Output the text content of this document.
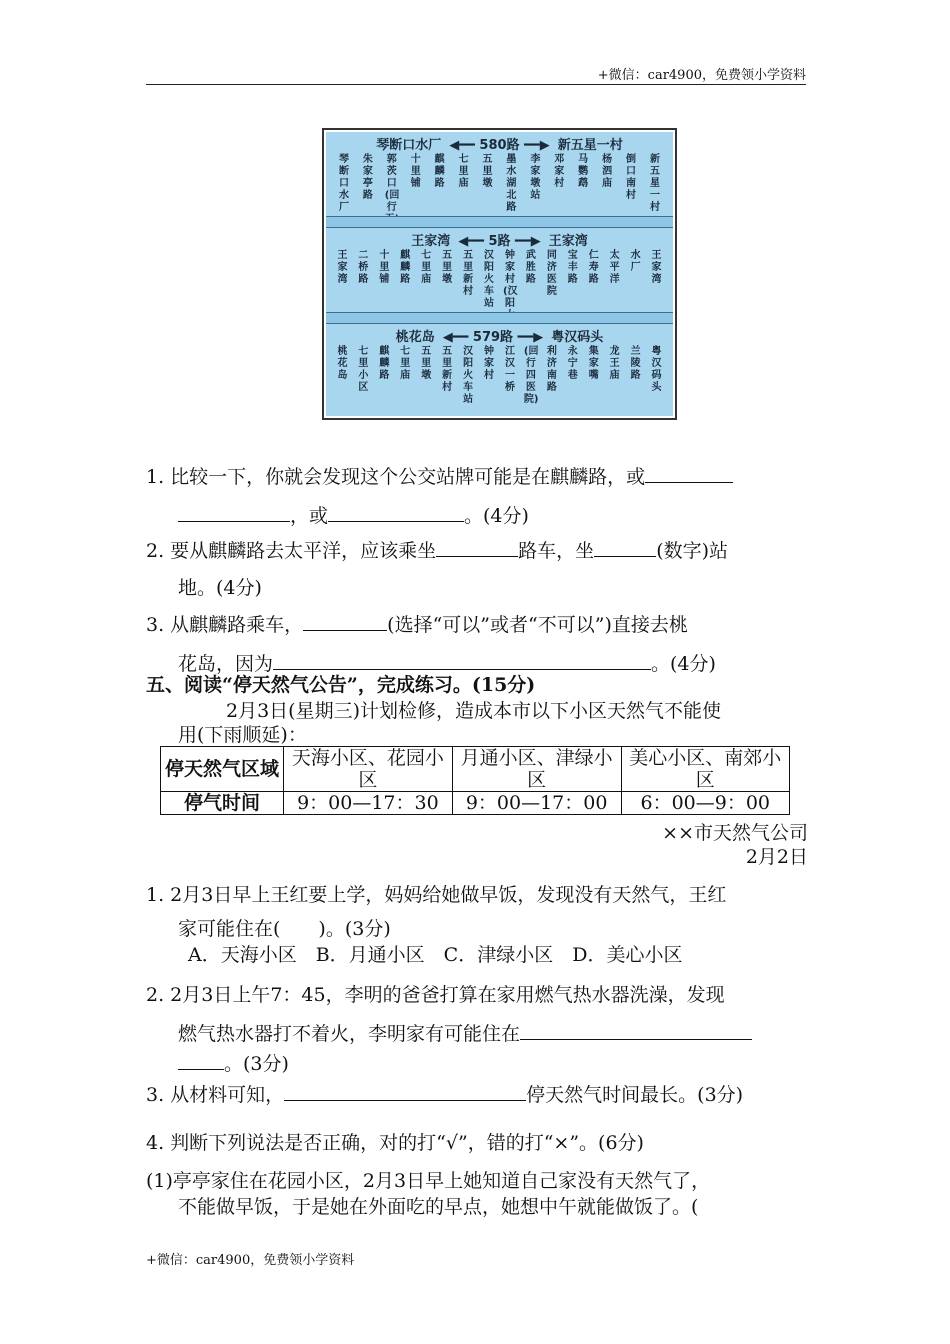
+微信：car4900，免费领小学资料
琴断口水厂 ◀━━ 580路 ━━▶ 新五星一村
琴断口水厂
朱家亭路
郭茨口(回行
十里铺
麒麟路
七里庙
五里墩
墨水湖北路
李家墩站
邓家村
马鹦鹉
杨泗庙
倒口南村
新五星一村
王家湾 ◀━━ 5路 ━━▶ 王家湾
王家湾
二桥路
十里铺
麒麟路
七里庙
五里墩
五里新村
汉阳火车站
钟家村(汉阳
武胜路
同济医院
宝丰路
仁寿路
太平洋
水厂
王家湾
桃花岛 ◀━━ 579路 ━━▶ 粤汉码头
桃花岛
七里小区
麒麟路
七里庙
五里墩
五里新村
汉阳火车站
钟家村
江汉一桥
(回行四医院)
利济南路
永宁巷
集家嘴
龙王庙
兰陵路
粤汉码头
1. 比较一下，你就会发现这个公交站牌可能是在麒麟路，或
，或	。(4分)
2. 要从麒麟路去太平洋，应该乘坐	路车，坐	(数字)站
地。(4分)
3. 从麒麟路乘车，	(选择“可以”或者“不可以”)直接去桃
花岛，因为	。(4分)
五、阅读“停天然气公告”，完成练习。(15分)
2月3日(星期三)计划检修，造成本市以下小区天然气不能使
用(下雨顺延)：
停天然气区域	天海小区、花园小区	月通小区、津绿小区	美心小区、南郊小区
停气时间	9：00—17：30	9：00—17：00	6：00—9：00
××市天然气公司
2月2日
1. 2月3日早上王红要上学，妈妈给她做早饭，发现没有天然气，王红
家可能住在(　　)。(3分)
A．天海小区　B．月通小区　C．津绿小区　D．美心小区
2. 2月3日上午7：45，李明的爸爸打算在家用燃气热水器洗澡，发现
燃气热水器打不着火，李明家有可能住在
。(3分)
3. 从材料可知，	停天然气时间最长。(3分)
4. 判断下列说法是否正确，对的打“√”，错的打“×”。(6分)
(1)亭亭家住在花园小区，2月3日早上她知道自己家没有天然气了，
不能做早饭，于是她在外面吃的早点，她想中午就能做饭了。(
+微信：car4900，免费领小学资料
